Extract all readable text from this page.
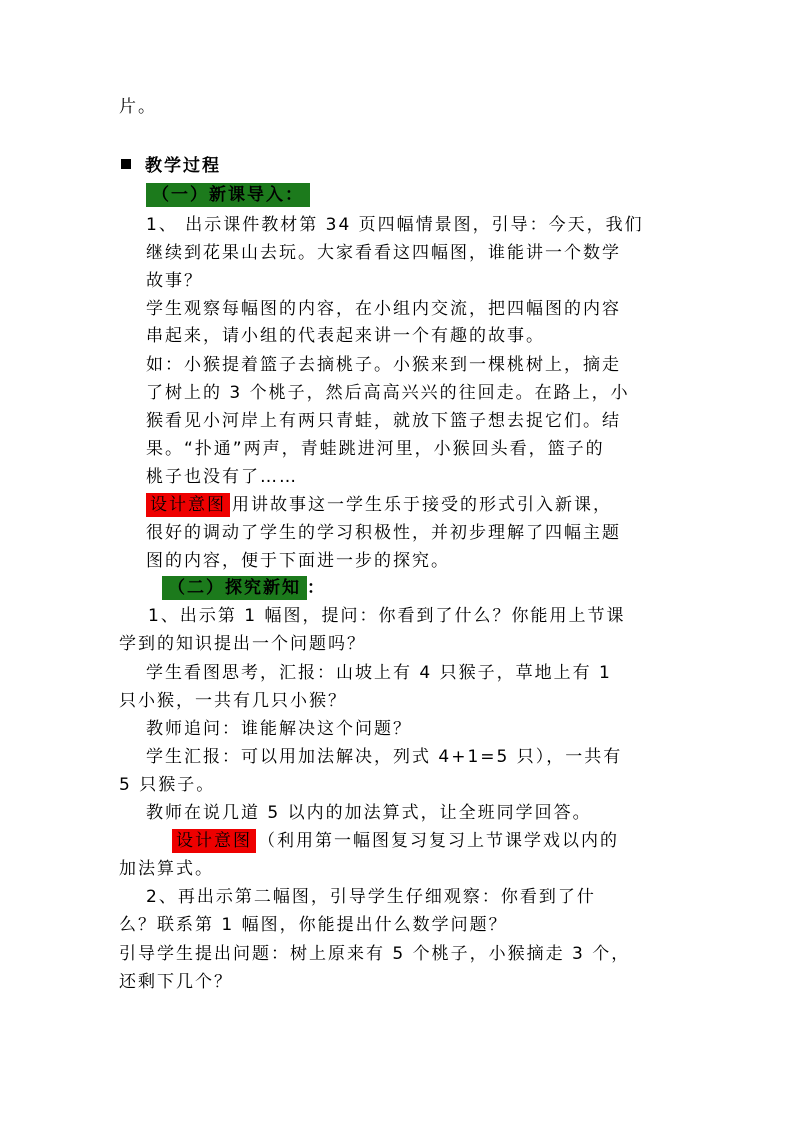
片。
教学过程
（一）新课导入：
1、 出示课件教材第 34 页四幅情景图，引导：今天，我们
继续到花果山去玩。大家看看这四幅图，谁能讲一个数学
故事？
学生观察每幅图的内容，在小组内交流，把四幅图的内容
串起来，请小组的代表起来讲一个有趣的故事。
如：小猴提着篮子去摘桃子。小猴来到一棵桃树上，摘走
了树上的 3 个桃子，然后高高兴兴的往回走。在路上，小
猴看见小河岸上有两只青蛙，就放下篮子想去捉它们。结
果。“扑通”两声，青蛙跳进河里，小猴回头看，篮子的
桃子也没有了……
设计意图 用讲故事这一学生乐于接受的形式引入新课，
很好的调动了学生的学习积极性，并初步理解了四幅主题
图的内容，便于下面进一步的探究。
（二）探究新知 ：
1、出示第 1 幅图，提问：你看到了什么？你能用上节课
学到的知识提出一个问题吗？
学生看图思考，汇报：山坡上有 4 只猴子，草地上有 1
只小猴，一共有几只小猴？
教师追问：谁能解决这个问题？
学生汇报：可以用加法解决，列式 4+1=5 只），一共有
5 只猴子。
教师在说几道 5 以内的加法算式，让全班同学回答。
设计意图 （利用第一幅图复习复习上节课学戏以内的
加法算式。
2、再出示第二幅图，引导学生仔细观察：你看到了什
么？联系第 1 幅图，你能提出什么数学问题？
引导学生提出问题：树上原来有 5 个桃子，小猴摘走 3 个，
还剩下几个？
